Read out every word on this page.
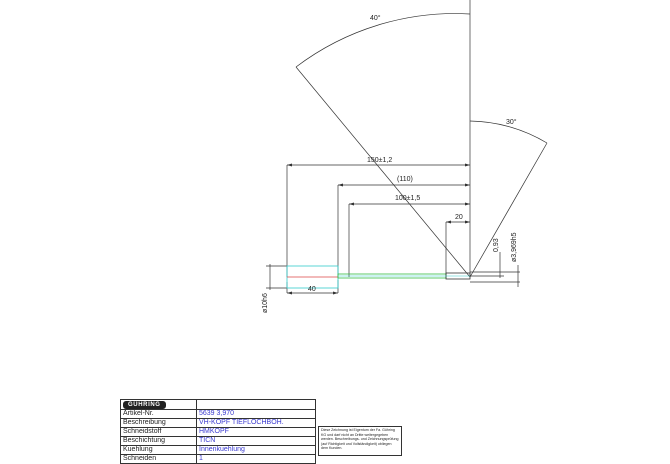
40°
30°
150±1,2
(110)
100±1,5
20
40
0,93 ø3,969h5
ø10h6
GÜHRING	
Artikel-Nr.	5639 3,970
Beschreibung	VH-KOPF TIEFLOCHBOH.
Schneidstoff	HMKOPF
Beschichtung	TICN
Kuehlung	Innenkuehlung
Schneiden	1
Diese Zeichnung ist Eigentum der Fa. Gühring KG und darf nicht an Dritte weitergegeben werden. Beschreibungs- und Zeichnungsprüfung (auf Richtigkeit und Vollständigkeit) obliegen dem Kunden.
